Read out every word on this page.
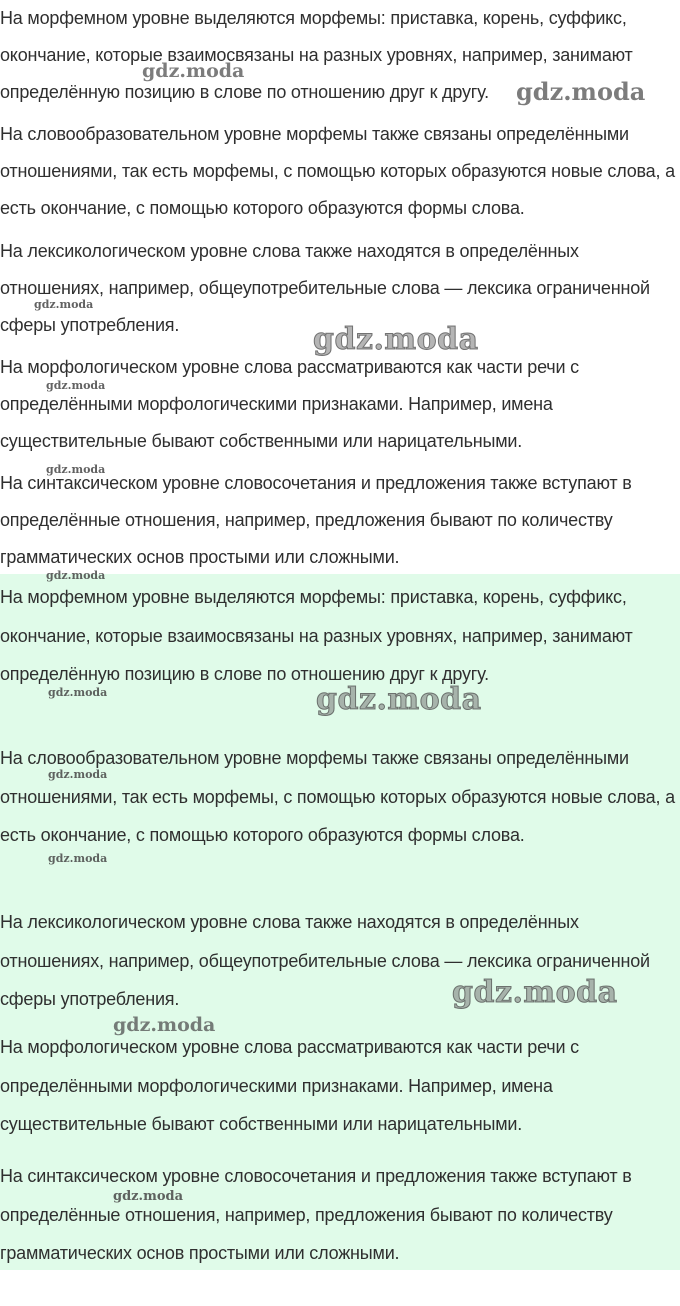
На морфемном уровне выделяются морфемы: приставка, корень, суффикс, окончание, которые взаимосвязаны на разных уровнях, например, занимают определённую позицию в слове по отношению друг к другу.

На словообразовательном уровне морфемы также связаны определёнными отношениями, так есть морфемы, с помощью которых образуются новые слова, а есть окончание, с помощью которого образуются формы слова.

На лексикологическом уровне слова также находятся в определённых отношениях, например, общеупотребительные слова — лексика ограниченной сферы употребления.

На морфологическом уровне слова рассматриваются как части речи с определёнными морфологическими признаками. Например, имена существительные бывают собственными или нарицательными.

На синтаксическом уровне словосочетания и предложения также вступают в определённые отношения, например, предложения бывают по количеству грамматических основ простыми или сложными.

На морфемном уровне выделяются морфемы: приставка, корень, суффикс, окончание, которые взаимосвязаны на разных уровнях, например, занимают определённую позицию в слове по отношению друг к другу.

На словообразовательном уровне морфемы также связаны определёнными отношениями, так есть морфемы, с помощью которых образуются новые слова, а есть окончание, с помощью которого образуются формы слова.

На лексикологическом уровне слова также находятся в определённых отношениях, например, общеупотребительные слова — лексика ограниченной сферы употребления.

На морфологическом уровне слова рассматриваются как части речи с определёнными морфологическими признаками. Например, имена существительные бывают собственными или нарицательными.

На синтаксическом уровне словосочетания и предложения также вступают в определённые отношения, например, предложения бывают по количеству грамматических основ простыми или сложными.

gdz.moda
gdz.moda
gdz.moda
gdz.moda
gdz.moda
gdz.moda
gdz.moda
gdz.moda	gdz.moda
gdz.moda
gdz.moda
gdz.moda
gdz.moda
gdz.moda
